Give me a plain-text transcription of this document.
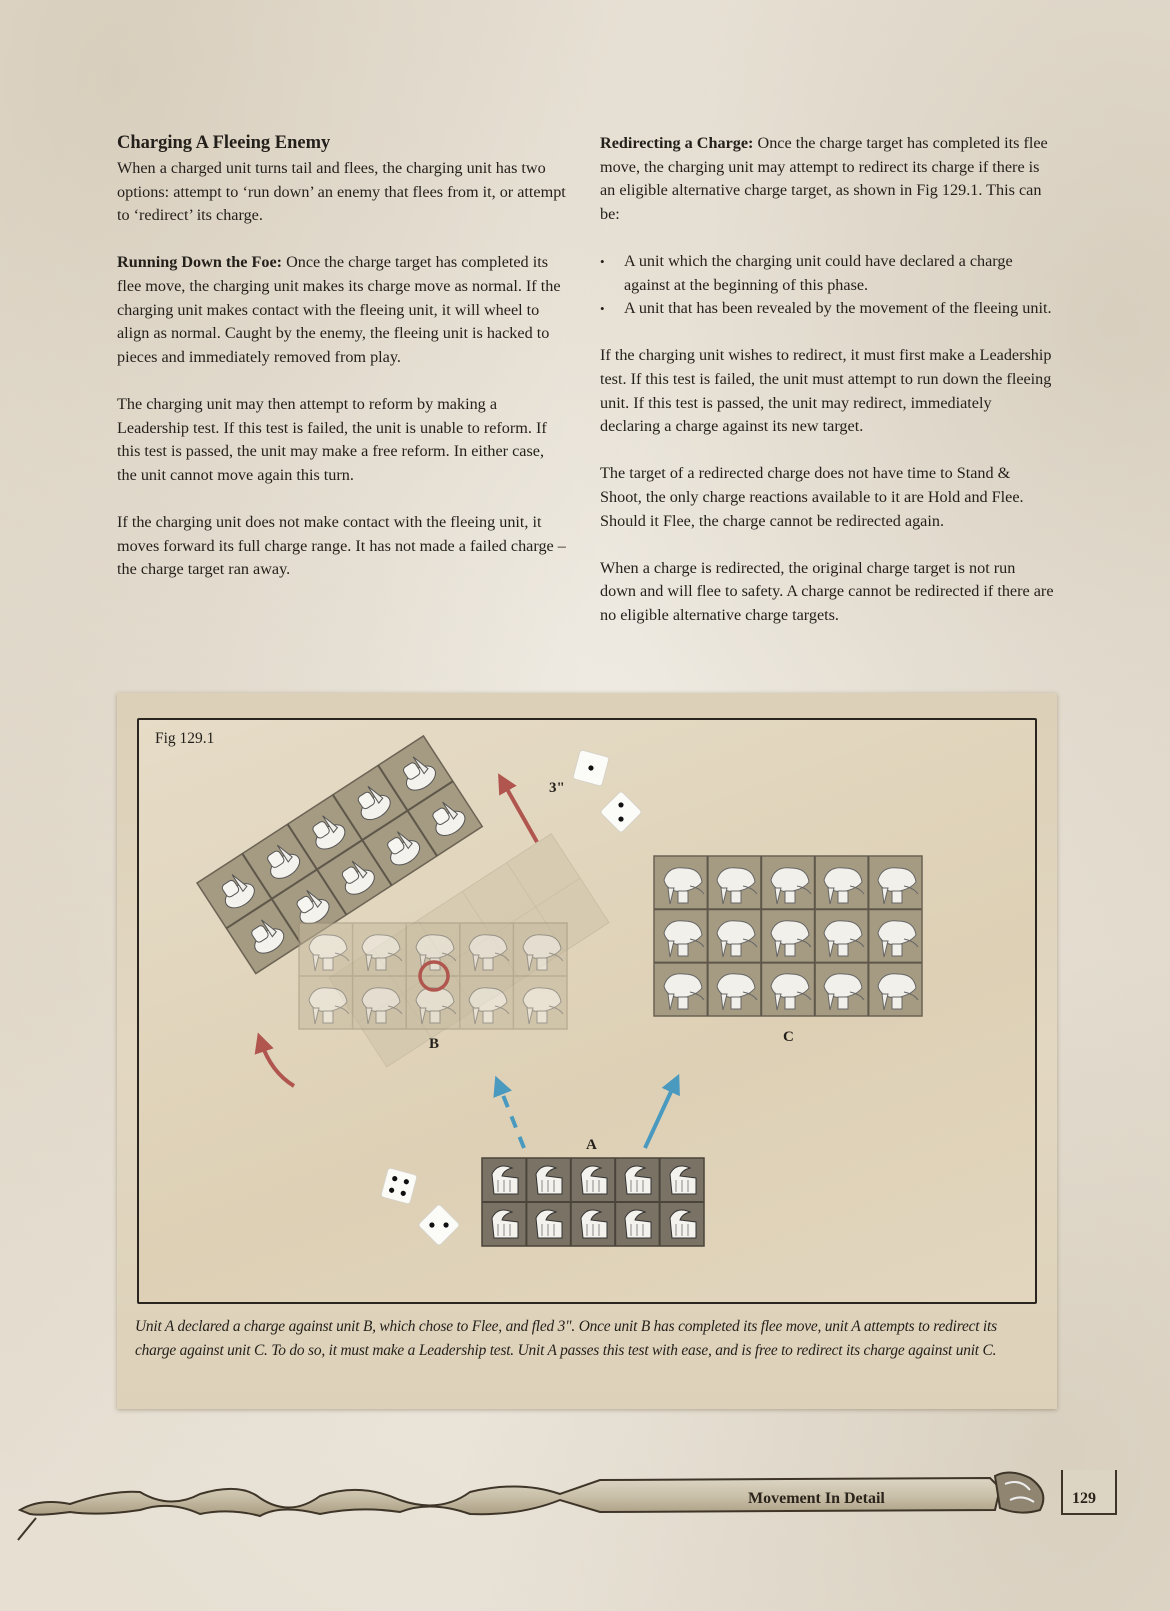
Charging A Fleeing Enemy

When a charged unit turns tail and flees, the charging unit has two options: attempt to ‘run down’ an enemy that flees from it, or attempt to ‘redirect’ its charge.

Running Down the Foe: Once the charge target has completed its flee move, the charging unit makes its charge move as normal. If the charging unit makes contact with the fleeing unit, it will wheel to align as normal. Caught by the enemy, the fleeing unit is hacked to pieces and immediately removed from play.

The charging unit may then attempt to reform by making a Leadership test. If this test is failed, the unit is unable to reform. If this test is passed, the unit may make a free reform. In either case, the unit cannot move again this turn.

If the charging unit does not make contact with the fleeing unit, it moves forward its full charge range. It has not made a failed charge – the charge target ran away.

Redirecting a Charge: Once the charge target has completed its flee move, the charging unit may attempt to redirect its charge if there is an eligible alternative charge target, as shown in Fig 129.1. This can be:

• A unit which the charging unit could have declared a charge against at the beginning of this phase.
• A unit that has been revealed by the movement of the fleeing unit.

If the charging unit wishes to redirect, it must first make a Leadership test. If this test is failed, the unit must attempt to run down the fleeing unit. If this test is passed, the unit may redirect, immediately declaring a charge against its new target.

The target of a redirected charge does not have time to Stand & Shoot, the only charge reactions available to it are Hold and Flee. Should it Flee, the charge cannot be redirected again.

When a charge is redirected, the original charge target is not run down and will flee to safety. A charge cannot be redirected if there are no eligible alternative charge targets.

Fig 129.1
3"
B	C
A
Unit A declared a charge against unit B, which chose to Flee, and fled 3". Once unit B has completed its flee move, unit A attempts to redirect its charge against unit C. To do so, it must make a Leadership test. Unit A passes this test with ease, and is free to redirect its charge against unit C.
Movement In Detail	129
